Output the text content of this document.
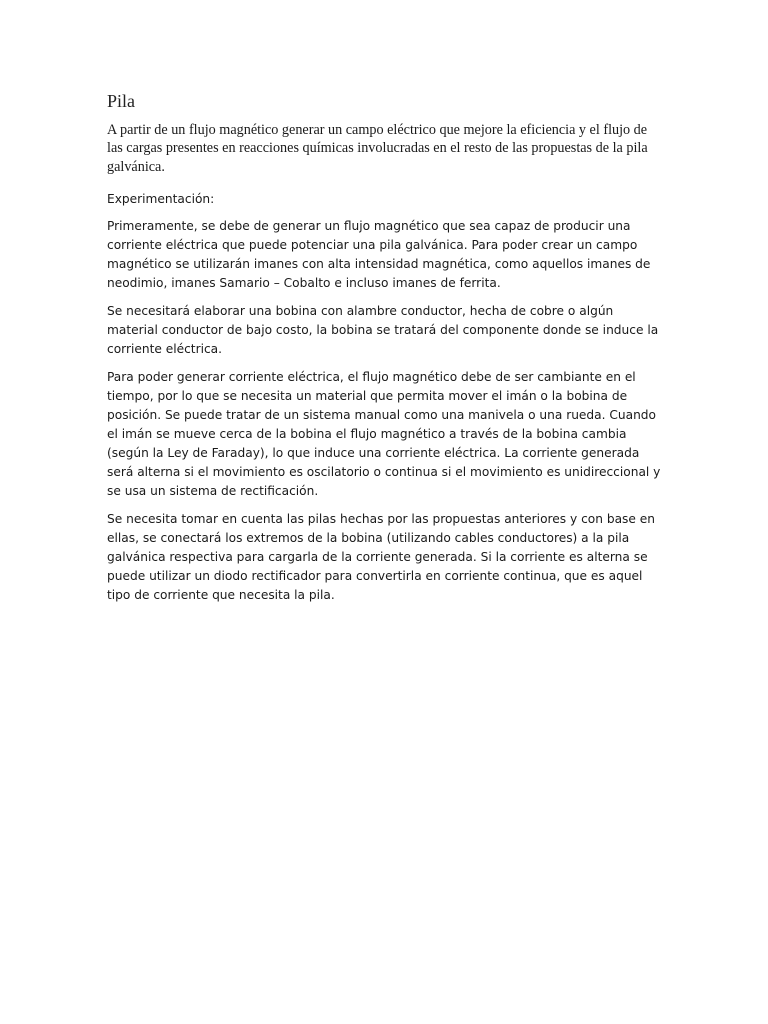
Pila

A partir de un flujo magnético generar un campo eléctrico que mejore la eficiencia y el flujo de las cargas presentes en reacciones químicas involucradas en el resto de las propuestas de la pila galvánica.

Experimentación:

Primeramente, se debe de generar un flujo magnético que sea capaz de producir una corriente eléctrica que puede potenciar una pila galvánica. Para poder crear un campo magnético se utilizarán imanes con alta intensidad magnética, como aquellos imanes de neodimio, imanes Samario – Cobalto e incluso imanes de ferrita.

Se necesitará elaborar una bobina con alambre conductor, hecha de cobre o algún material conductor de bajo costo, la bobina se tratará del componente donde se induce la corriente eléctrica.

Para poder generar corriente eléctrica, el flujo magnético debe de ser cambiante en el tiempo, por lo que se necesita un material que permita mover el imán o la bobina de posición. Se puede tratar de un sistema manual como una manivela o una rueda. Cuando el imán se mueve cerca de la bobina el flujo magnético a través de la bobina cambia (según la Ley de Faraday), lo que induce una corriente eléctrica. La corriente generada será alterna si el movimiento es oscilatorio o continua si el movimiento es unidireccional y se usa un sistema de rectificación.

Se necesita tomar en cuenta las pilas hechas por las propuestas anteriores y con base en ellas, se conectará los extremos de la bobina (utilizando cables conductores) a la pila galvánica respectiva para cargarla de la corriente generada. Si la corriente es alterna se puede utilizar un diodo rectificador para convertirla en corriente continua, que es aquel tipo de corriente que necesita la pila.
